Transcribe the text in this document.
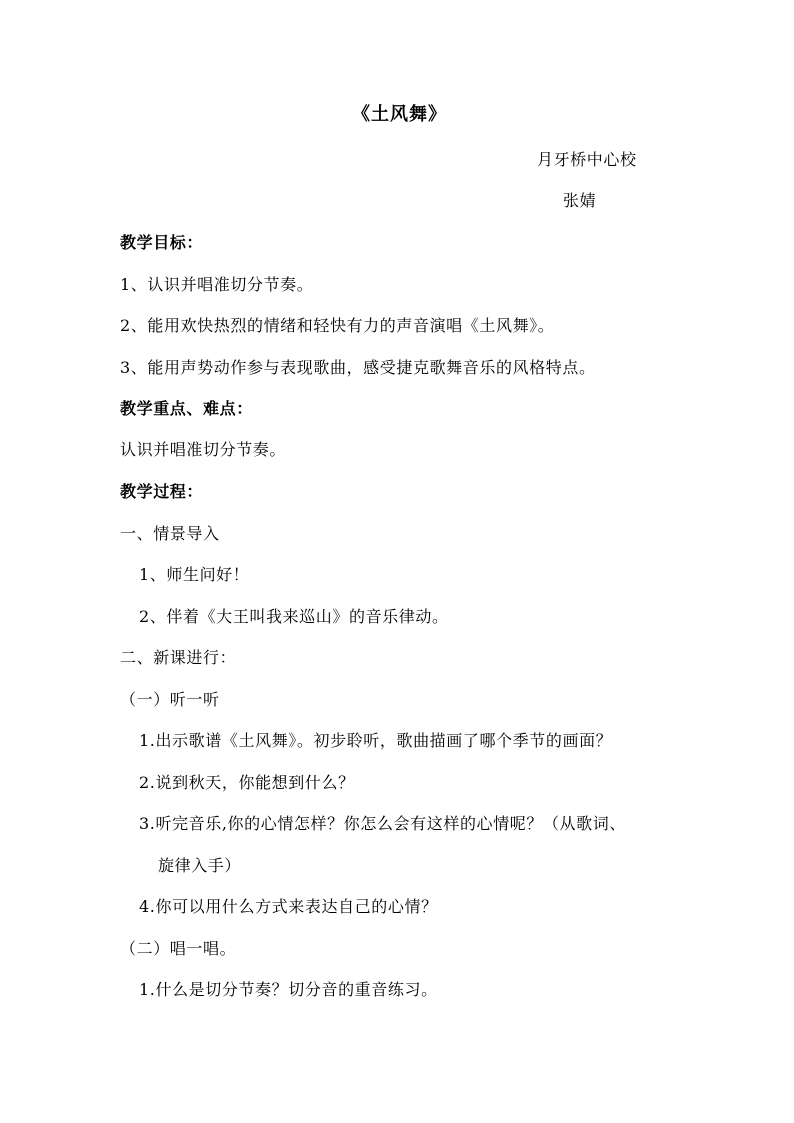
《土风舞》
月牙桥中心校
张婧
教学目标：
1、认识并唱准切分节奏。
2、能用欢快热烈的情绪和轻快有力的声音演唱《土风舞》。
3、能用声势动作参与表现歌曲，感受捷克歌舞音乐的风格特点。
教学重点、难点：
认识并唱准切分节奏。
教学过程：
一、情景导入
1、师生问好！
2、伴着《大王叫我来巡山》的音乐律动。
二、新课进行：
（一）听一听
1.出示歌谱《土风舞》。初步聆听，歌曲描画了哪个季节的画面？
2.说到秋天，你能想到什么？
3.听完音乐,你的心情怎样？你怎么会有这样的心情呢？（从歌词、
旋律入手）
4.你可以用什么方式来表达自己的心情？
（二）唱一唱。
1.什么是切分节奏？切分音的重音练习。
